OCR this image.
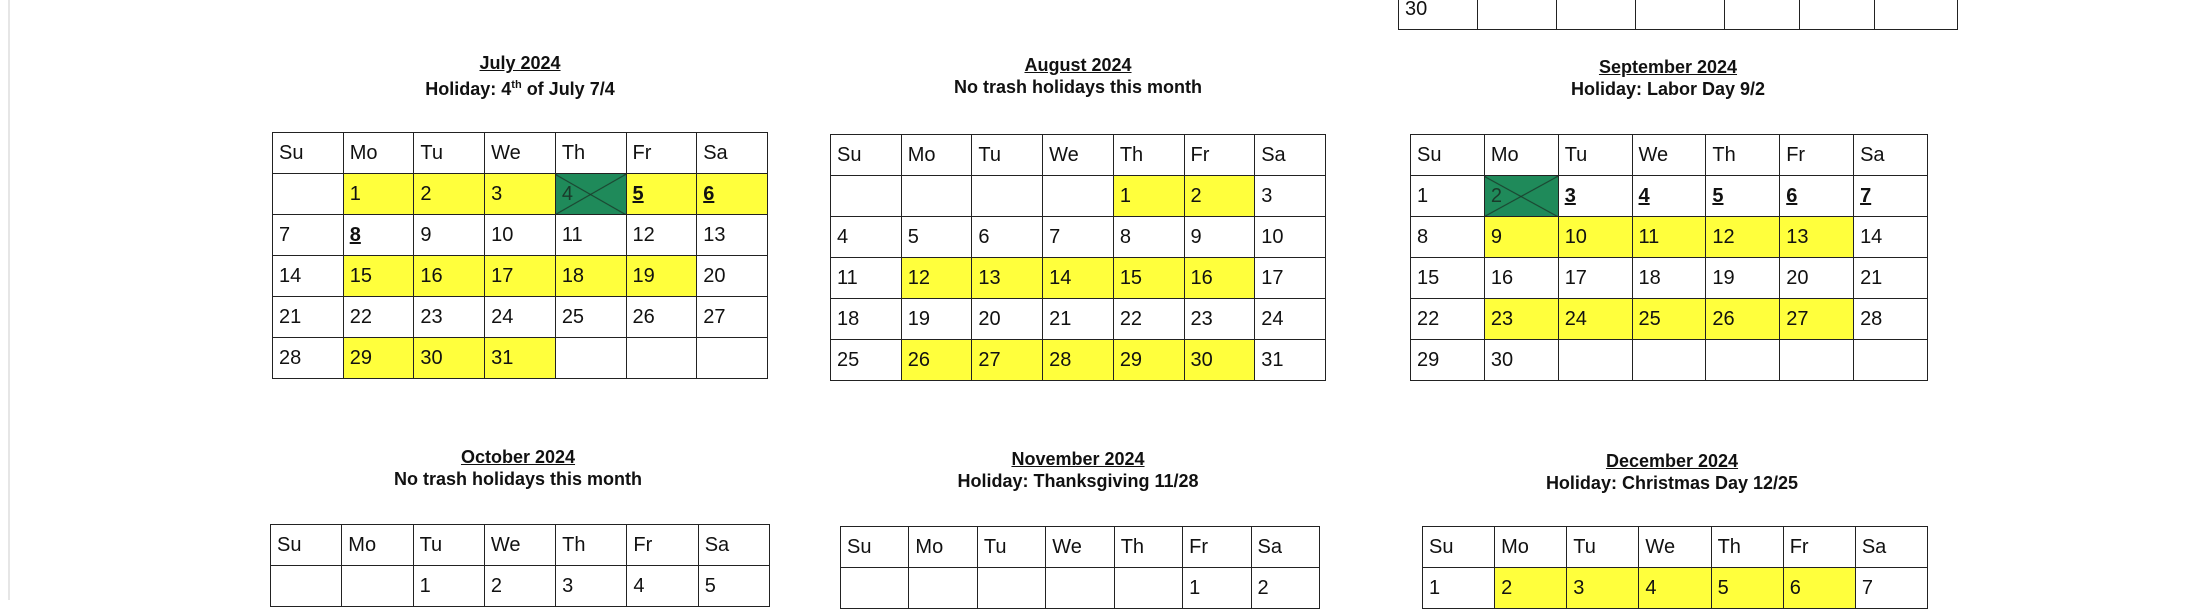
30						
July 2024
Holiday: 4th of July 7/4
Su	Mo	Tu	We	Th	Fr	Sa
	1	2	3	4	5	6
7	8	9	10	11	12	13
14	15	16	17	18	19	20
21	22	23	24	25	26	27
28	29	30	31			
August 2024
No trash holidays this month
Su	Mo	Tu	We	Th	Fr	Sa
				1	2	3
4	5	6	7	8	9	10
11	12	13	14	15	16	17
18	19	20	21	22	23	24
25	26	27	28	29	30	31
September 2024
Holiday: Labor Day 9/2
Su	Mo	Tu	We	Th	Fr	Sa
1	2	3	4	5	6	7
8	9	10	11	12	13	14
15	16	17	18	19	20	21
22	23	24	25	26	27	28
29	30					
October 2024
No trash holidays this month
Su	Mo	Tu	We	Th	Fr	Sa
		1	2	3	4	5
November 2024
Holiday: Thanksgiving 11/28
Su	Mo	Tu	We	Th	Fr	Sa
					1	2
December 2024
Holiday: Christmas Day 12/25
Su	Mo	Tu	We	Th	Fr	Sa
1	2	3	4	5	6	7
